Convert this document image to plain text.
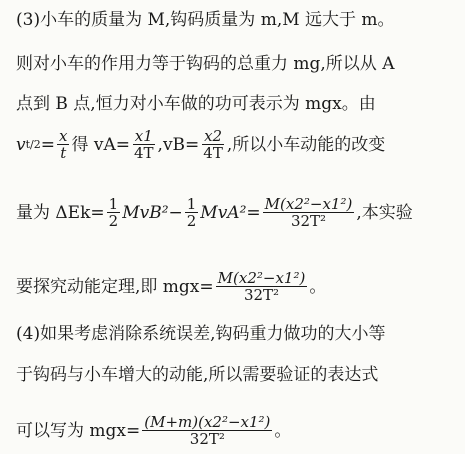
(3)小车的质量为 M,钩码质量为 m,M 远大于 m。
则对小车的作用力等于钩码的总重力 mg,所以从 A
点到 B 点,恒力对小车做的功可表示为 mgx。由
v $t/2 = \frac{x}{t}$ 得 $vA= \frac{x1}{4T} ,vB= \frac{x2}{4T}$ ,所以小车动能的改变
量为 $\Delta Ek= \frac{1}{2} MvB^2- \frac{1}{2} MvA^2= \frac{\text{M(x2²−x1²)}}{\text{32T²}}$ ,本实验
要探究动能定理,即 $mgx= \frac{\text{M(x2²−x1²)}}{\text{32T²}}$ 。
(4)如果考虑消除系统误差,钩码重力做功的大小等
于钩码与小车增大的动能,所以需要验证的表达式
可以写为 $mgx= \frac{\text{(M+m)(x2²−x1²)}}{\text{32T²}}$ 。
